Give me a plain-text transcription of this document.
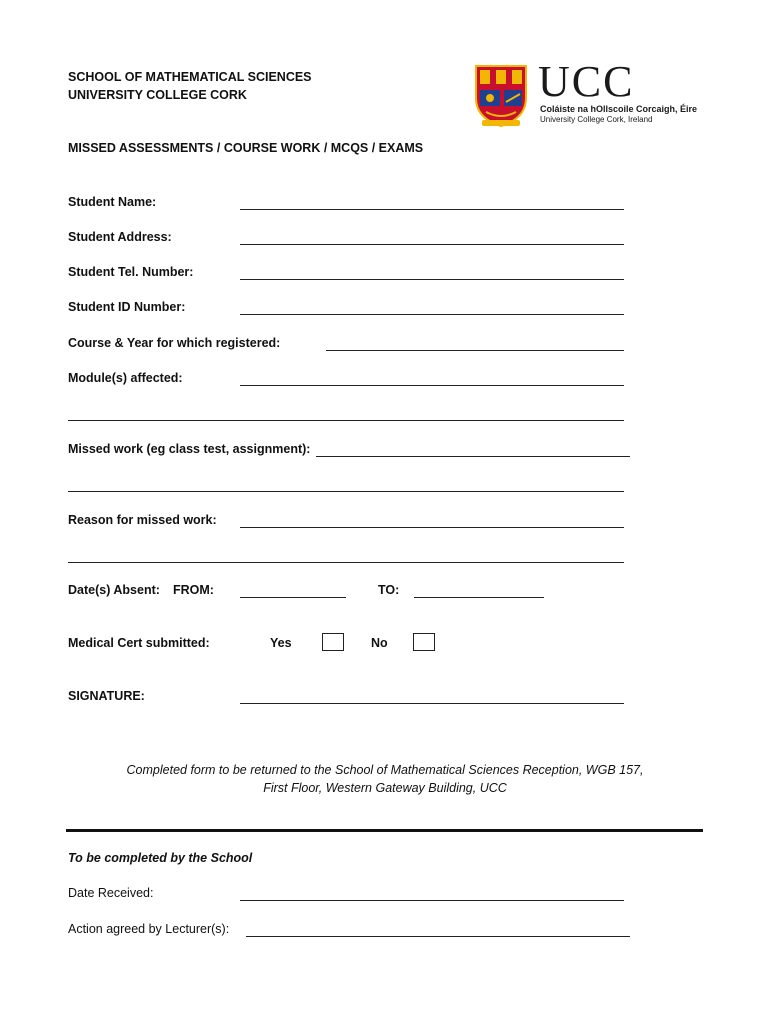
SCHOOL OF MATHEMATICAL SCIENCES
UNIVERSITY COLLEGE CORK	UCC
Coláiste na hOllscoile Corcaigh, Éire
University College Cork, Ireland
MISSED ASSESSMENTS / COURSE WORK / MCQS / EXAMS
Student Name:
Student Address:
Student Tel. Number:
Student ID Number:
Course & Year for which registered:
Module(s) affected:
Missed work (eg class test, assignment):
Reason for missed work:
Date(s) Absent: FROM:	TO:
Medical Cert submitted:	Yes	No
SIGNATURE:
Completed form to be returned to the School of Mathematical Sciences Reception, WGB 157,
First Floor, Western Gateway Building, UCC
To be completed by the School
Date Received:
Action agreed by Lecturer(s):
